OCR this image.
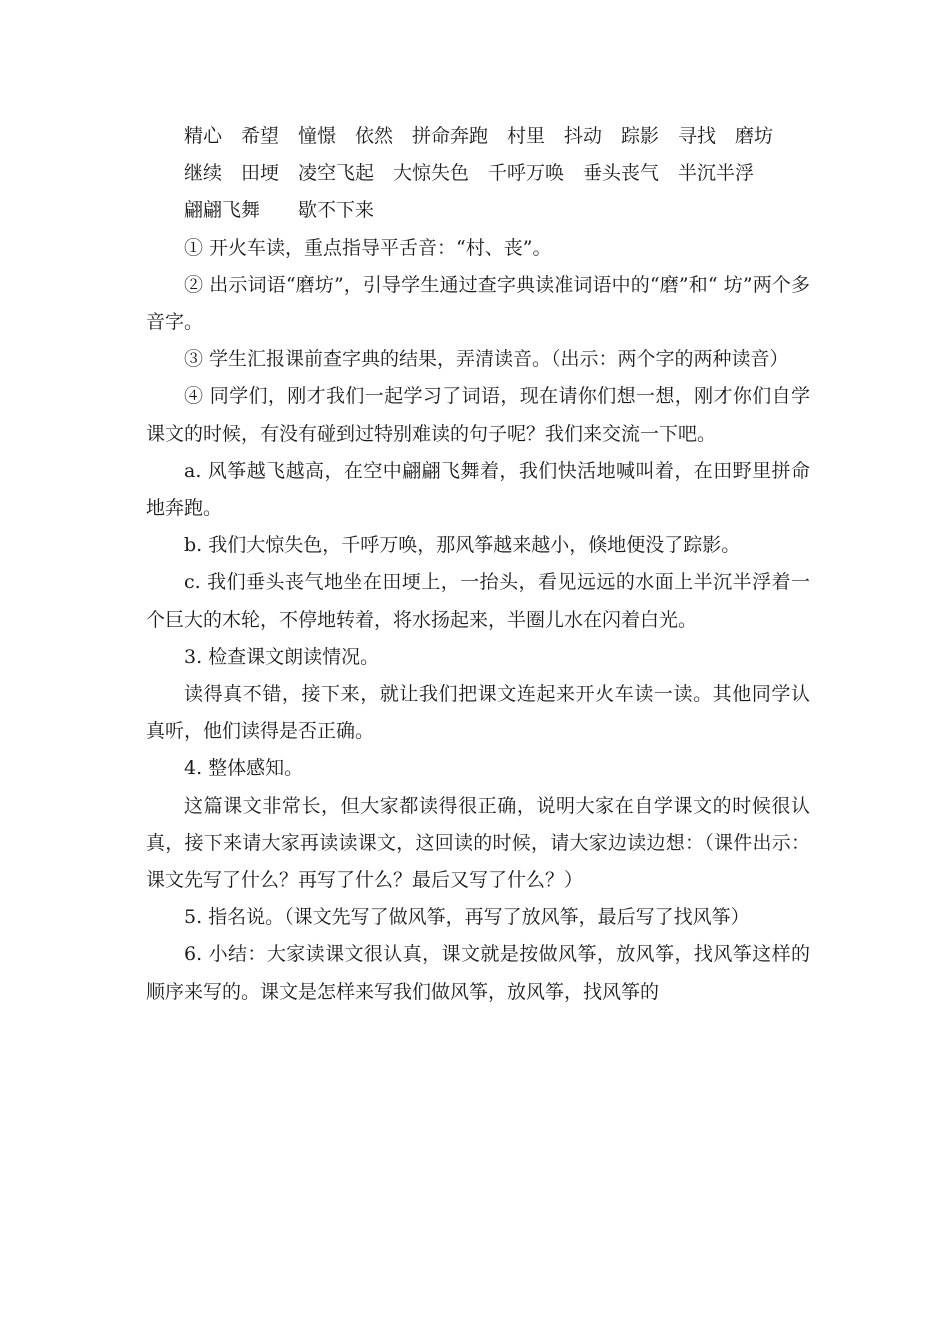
精心　希望　憧憬　依然　拼命奔跑　村里　抖动　踪影　寻找　磨坊

继续　田埂　凌空飞起　大惊失色　千呼万唤　垂头丧气　半沉半浮

翩翩飞舞　　歇不下来

① 开火车读，重点指导平舌音：“村、丧”。

② 出示词语“磨坊”，引导学生通过查字典读准词语中的“磨”和“ 坊”两个多音字。

③ 学生汇报课前查字典的结果，弄清读音。（出示：两个字的两种读音）

④ 同学们，刚才我们一起学习了词语，现在请你们想一想，刚才你们自学课文的时候，有没有碰到过特别难读的句子呢？我们来交流一下吧。

a. 风筝越飞越高，在空中翩翩飞舞着，我们快活地喊叫着，在田野里拼命地奔跑。

b. 我们大惊失色，千呼万唤，那风筝越来越小，倏地便没了踪影。

c. 我们垂头丧气地坐在田埂上，一抬头，看见远远的水面上半沉半浮着一个巨大的木轮，不停地转着，将水扬起来，半圈儿水在闪着白光。

3. 检查课文朗读情况。

读得真不错，接下来，就让我们把课文连起来开火车读一读。其他同学认真听，他们读得是否正确。

4. 整体感知。

这篇课文非常长，但大家都读得很正确，说明大家在自学课文的时候很认真，接下来请大家再读读课文，这回读的时候，请大家边读边想：（课件出示：课文先写了什么？再写了什么？最后又写了什么？）

5. 指名说。（课文先写了做风筝，再写了放风筝，最后写了找风筝）

6. 小结：大家读课文很认真，课文就是按做风筝，放风筝，找风筝这样的顺序来写的。课文是怎样来写我们做风筝，放风筝，找风筝的
